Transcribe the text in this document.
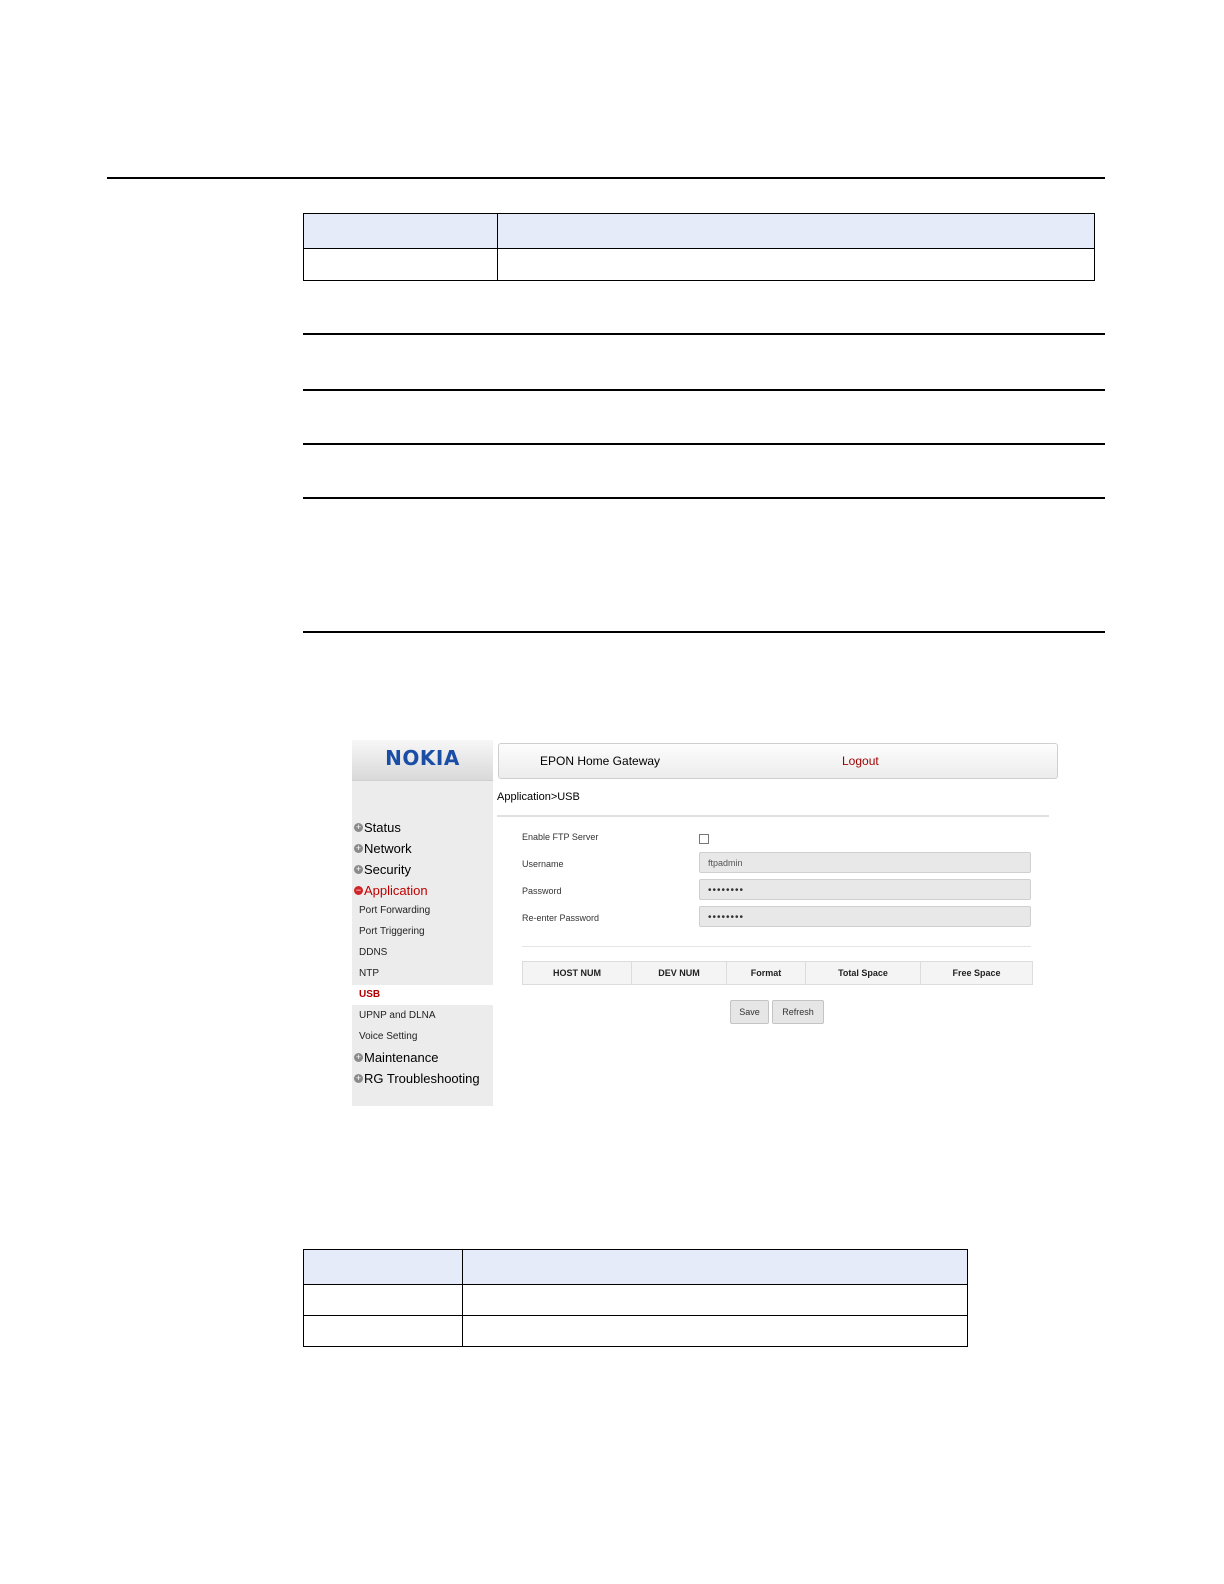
NOKIA
+ Status
+ Network
+ Security
− Application
Port Forwarding
Port Triggering
DDNS
NTP
USB
UPNP and DLNA
Voice Setting
+ Maintenance
+ RG Troubleshooting
EPON Home Gateway	Logout
Application>USB
Enable FTP Server
Username	ftpadmin
Password	••••••••
Re-enter Password	••••••••
HOST NUM	DEV NUM	Format	Total Space	Free Space
Save	Refresh
